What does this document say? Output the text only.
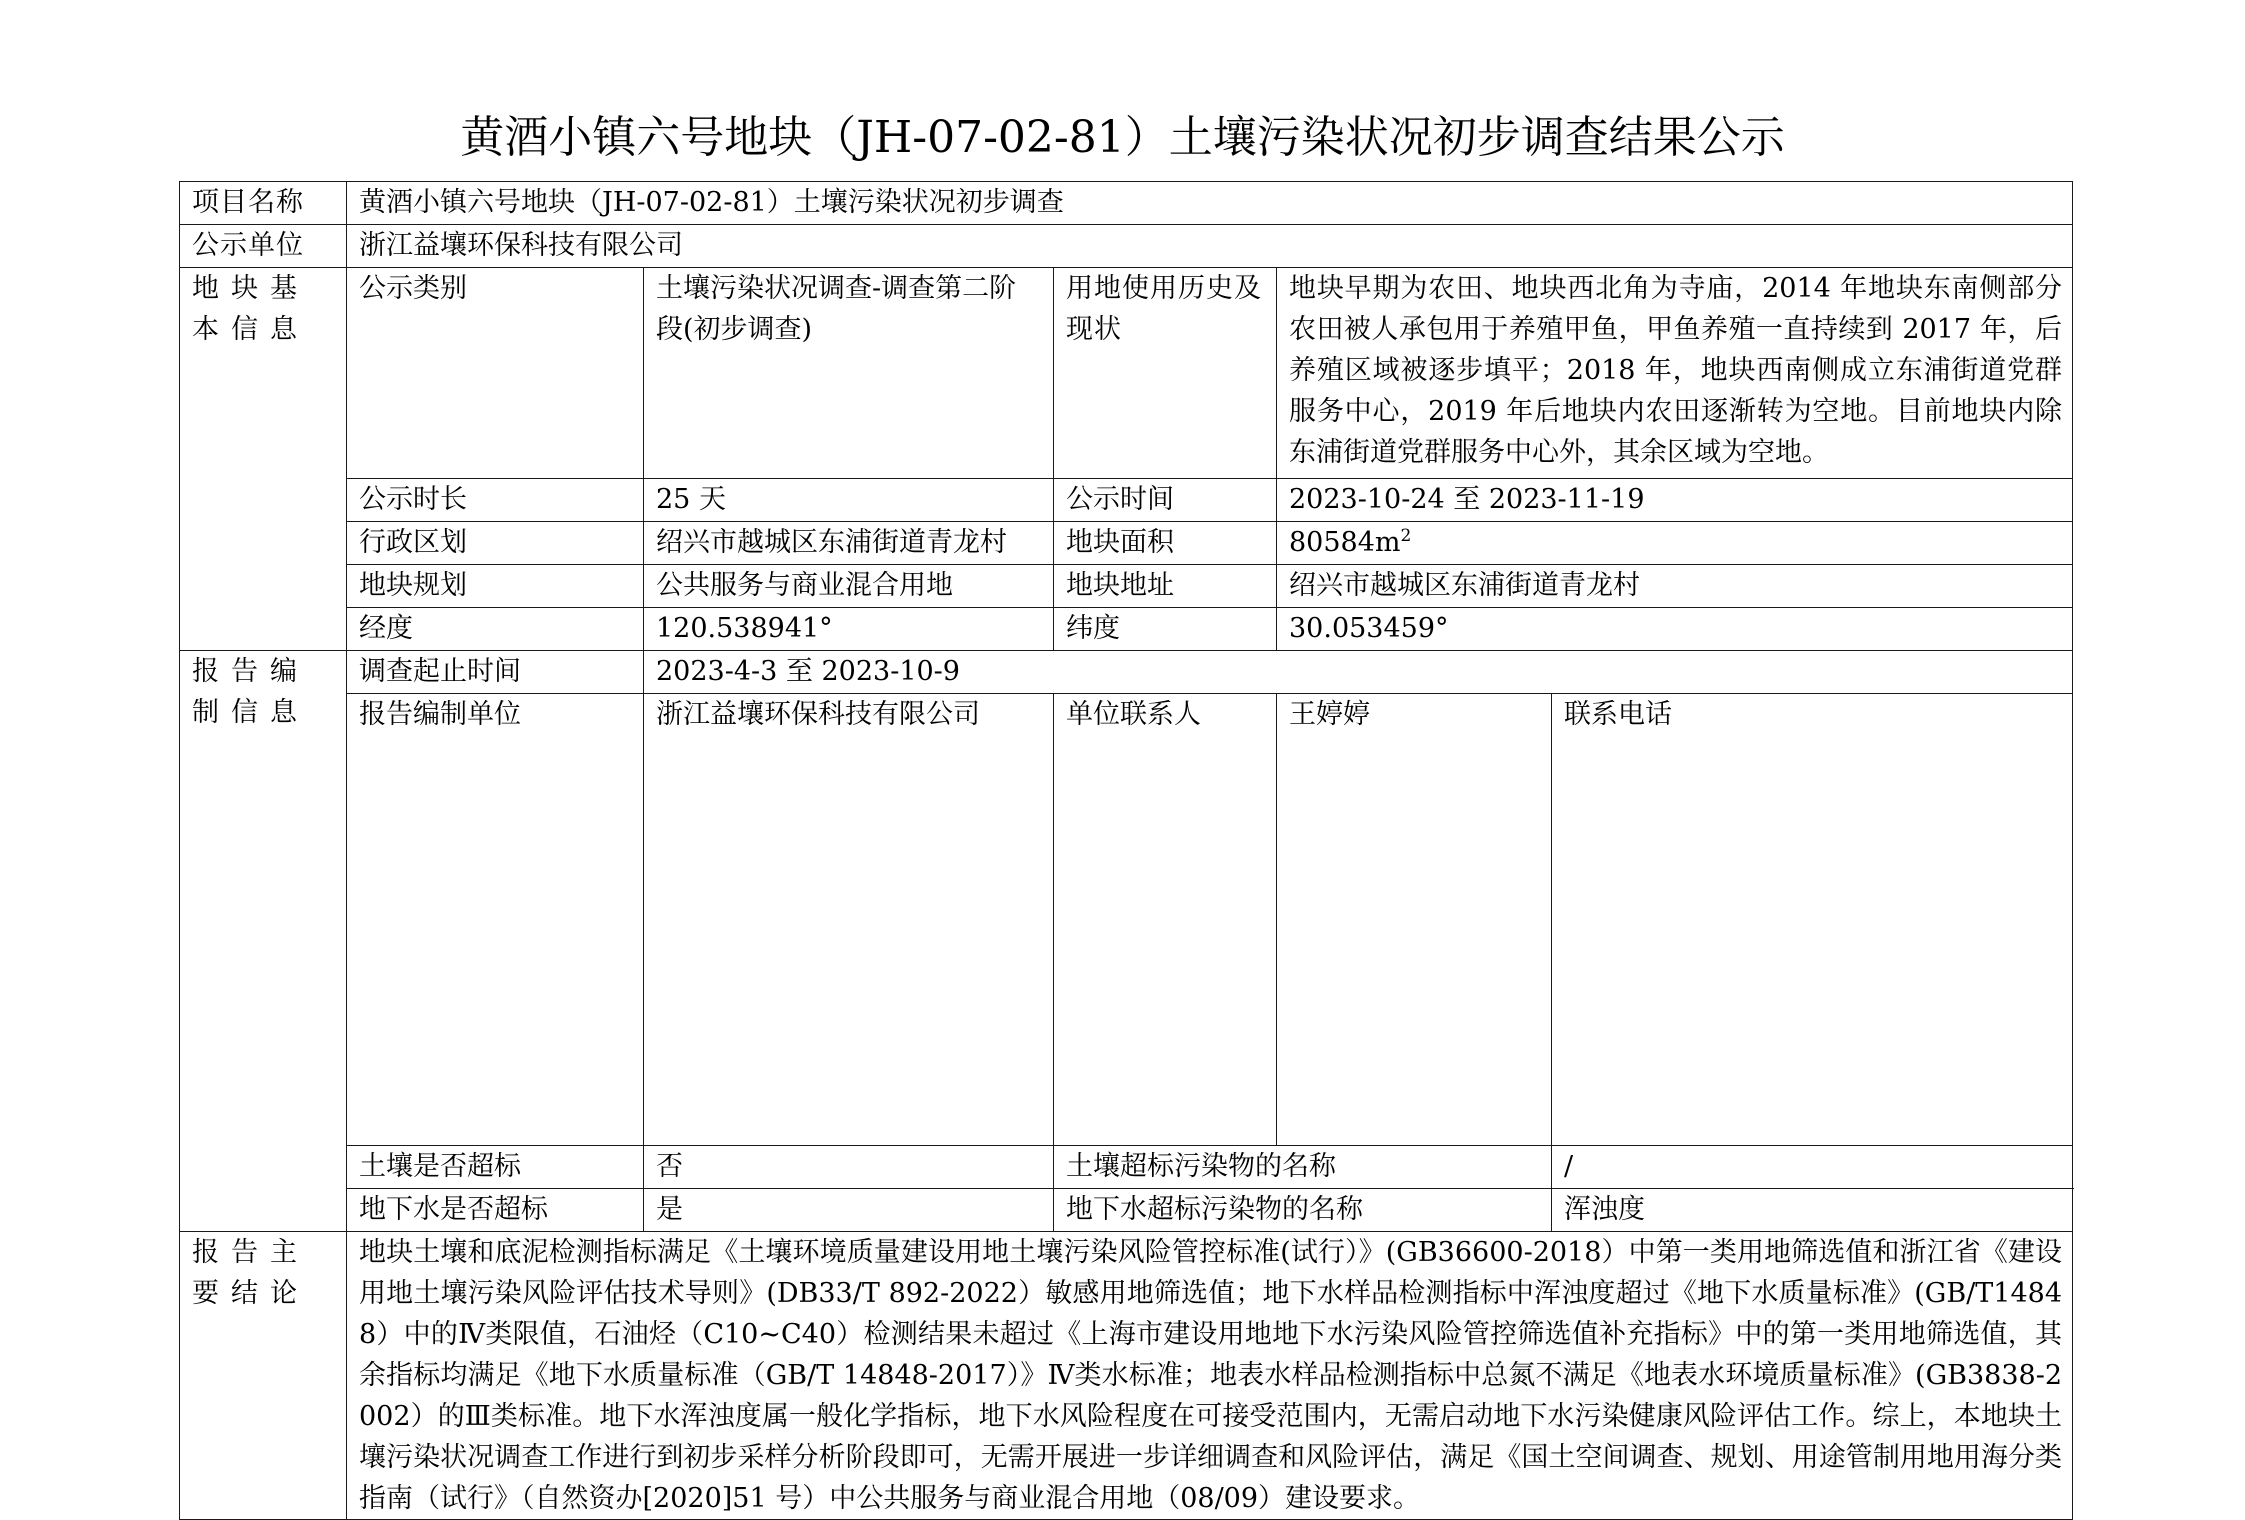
黄酒小镇六号地块（JH-07-02-81）土壤污染状况初步调查结果公示
项目名称	黄酒小镇六号地块（JH-07-02-81）土壤污染状况初步调查					
公示单位	浙江益壤环保科技有限公司					
地块基本信息	公示类别	土壤污染状况调查-调查第二阶段(初步调查)	用地使用历史及现状	地块早期为农田、地块西北角为寺庙，2014 年地块东南侧部分农田被人承包用于养殖甲鱼，甲鱼养殖一直持续到 2017 年，后养殖区域被逐步填平；2018 年，地块西南侧成立东浦街道党群服务中心，2019 年后地块内农田逐渐转为空地。目前地块内除东浦街道党群服务中心外，其余区域为空地。		
	公示时长	25 天	公示时间	2023-10-24 至 2023-11-19		
	行政区划	绍兴市越城区东浦街道青龙村	地块面积	$80584m^2$
	地块规划	公共服务与商业混合用地	地块地址	绍兴市越城区东浦街道青龙村		
	经度	120.538941°	纬度	30.053459°		
报告编制信息	调查起止时间	2023-4-3 至 2023-10-9				
	报告编制单位	浙江益壤环保科技有限公司	单位联系人	王婷婷	联系电话	
	土壤是否超标	否	土壤超标污染物的名称		/	
	地下水是否超标	是	地下水超标污染物的名称		浑浊度	
报告主要结论	地块土壤和底泥检测指标满足《土壤环境质量建设用地土壤污染风险管控标准(试行）》(GB36600-2018）中第一类用地筛选值和浙江省《建设用地土壤污染风险评估技术导则》(DB33/T 892-2022）敏感用地筛选值；地下水样品检测指标中浑浊度超过《地下水质量标准》(GB/T14848）中的Ⅳ类限值，石油烃（C10~C40）检测结果未超过《上海市建设用地地下水污染风险管控筛选值补充指标》中的第一类用地筛选值，其余指标均满足《地下水质量标准（GB/T 14848-2017）》Ⅳ类水标准；地表水样品检测指标中总氮不满足《地表水环境质量标准》(GB3838-2002）的Ⅲ类标准。地下水浑浊度属一般化学指标，地下水风险程度在可接受范围内，无需启动地下水污染健康风险评估工作。综上，本地块土壤污染状况调查工作进行到初步采样分析阶段即可，无需开展进一步详细调查和风险评估，满足《国土空间调查、规划、用途管制用地用海分类指南（试行》（自然资办[2020]51 号）中公共服务与商业混合用地（08/09）建设要求。					
